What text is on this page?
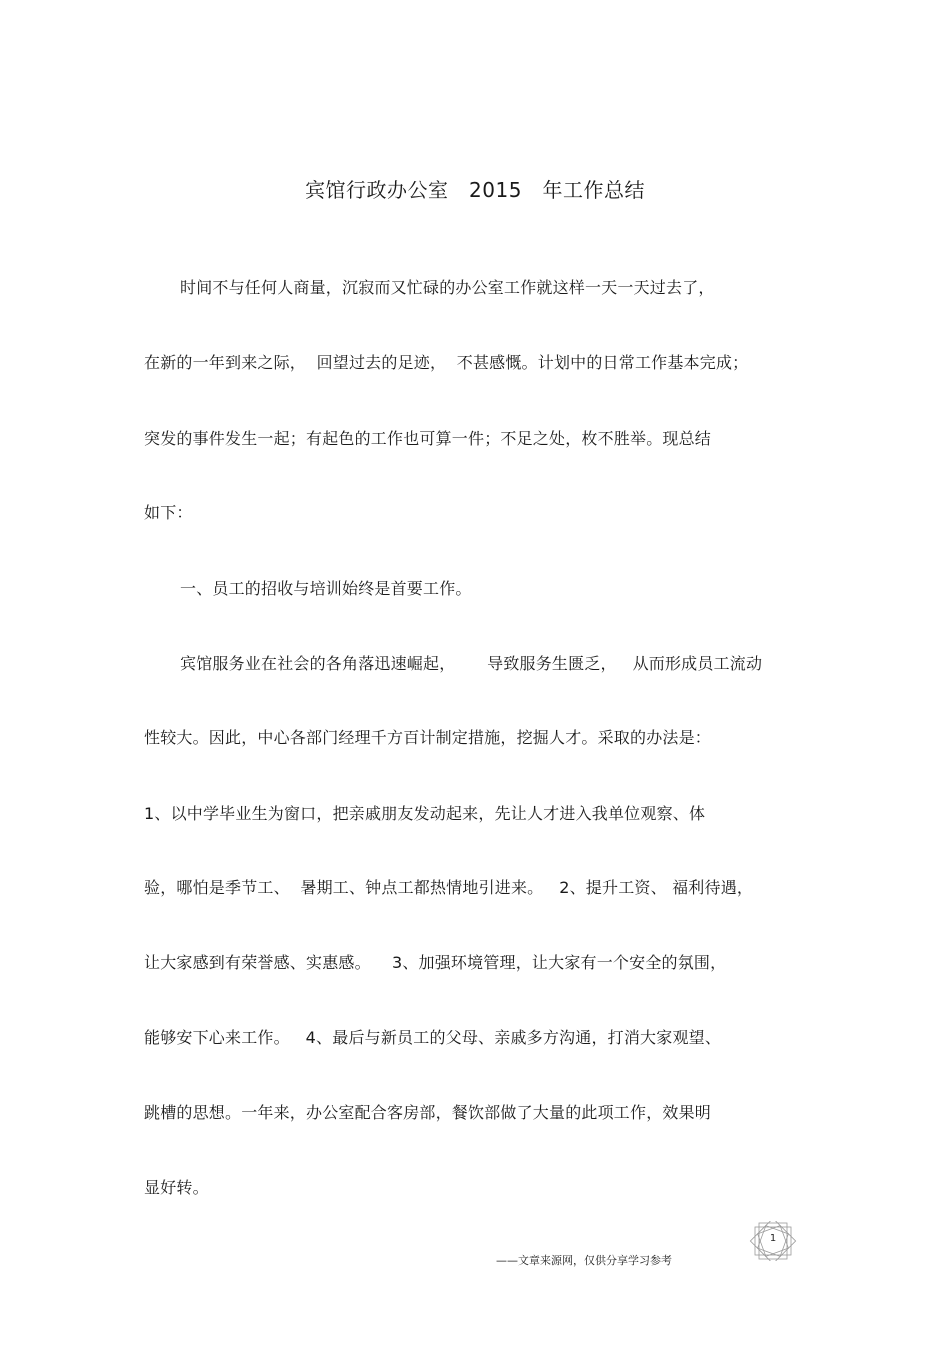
宾馆行政办公室   2015   年工作总结
时间不与任何人商量，沉寂而又忙碌的办公室工作就这样一天一天过去了，
在新的一年到来之际，  回望过去的足迹，  不甚感慨。计划中的日常工作基本完成；
突发的事件发生一起；有起色的工作也可算一件；不足之处，枚不胜举。现总结
如下：
一、员工的招收与培训始终是首要工作。
宾馆服务业在社会的各角落迅速崛起，      导致服务生匮乏，   从而形成员工流动
性较大。因此，中心各部门经理千方百计制定措施，挖掘人才。采取的办法是：
1、以中学毕业生为窗口，把亲戚朋友发动起来，先让人才进入我单位观察、体
验，哪怕是季节工、  暑期工、钟点工都热情地引进来。   2、提升工资、 福利待遇，
让大家感到有荣誉感、实惠感。    3、加强环境管理，让大家有一个安全的氛围，
能够安下心来工作。   4、最后与新员工的父母、亲戚多方沟通，打消大家观望、
跳槽的思想。一年来，办公室配合客房部，餐饮部做了大量的此项工作，效果明
显好转。
1
——文章来源网，仅供分享学习参考
